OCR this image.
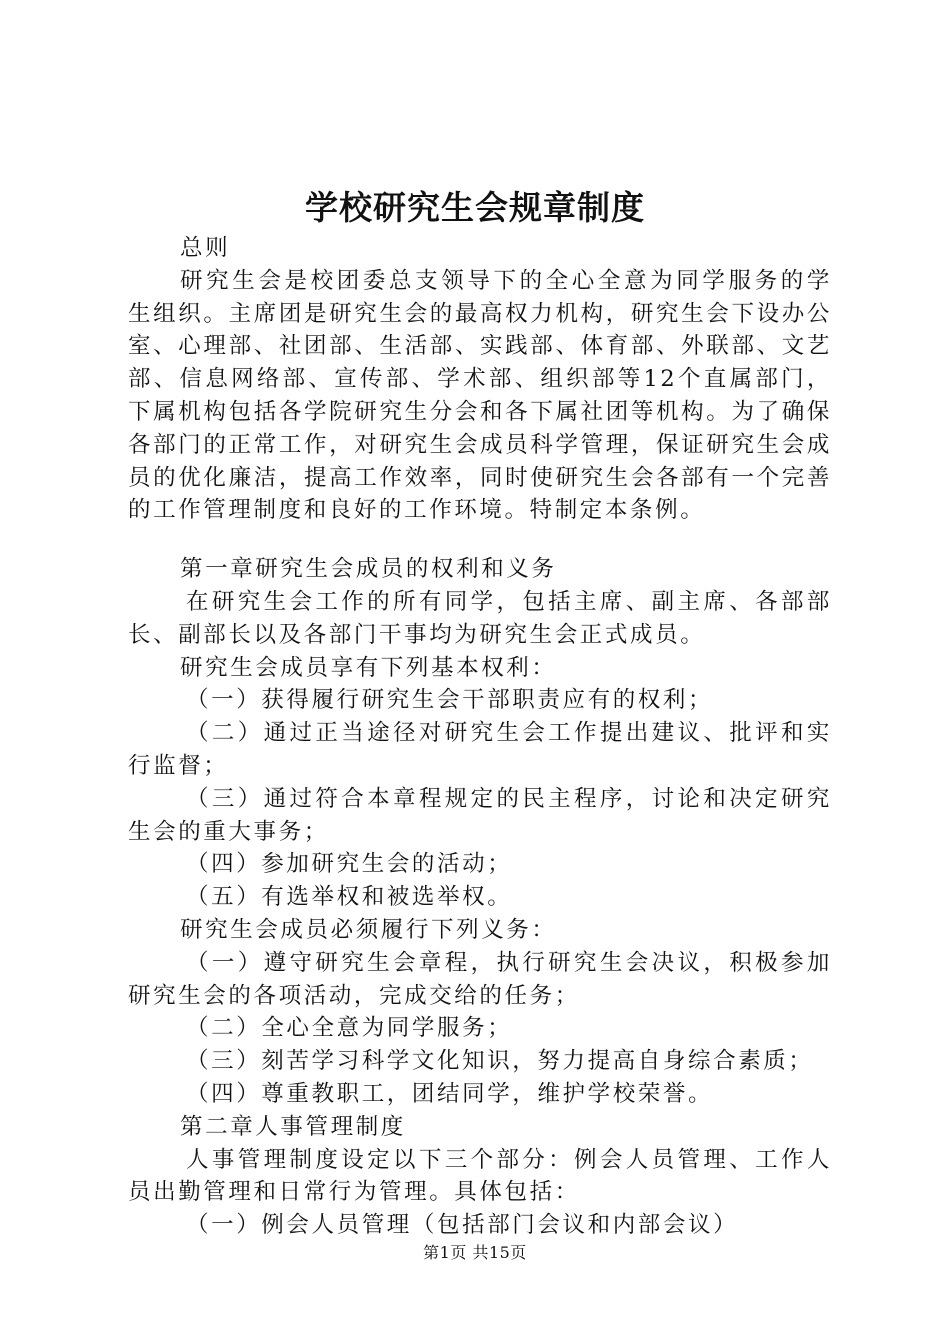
学校研究生会规章制度

总则

研究生会是校团委总支领导下的全心全意为同学服务的学生组织。主席团是研究生会的最高权力机构，研究生会下设办公室、心理部、社团部、生活部、实践部、体育部、外联部、文艺部、信息网络部、宣传部、学术部、组织部等12个直属部门，下属机构包括各学院研究生分会和各下属社团等机构。为了确保各部门的正常工作，对研究生会成员科学管理，保证研究生会成员的优化廉洁，提高工作效率，同时使研究生会各部有一个完善的工作管理制度和良好的工作环境。特制定本条例。

第一章研究生会成员的权利和义务

在研究生会工作的所有同学，包括主席、副主席、各部部长、副部长以及各部门干事均为研究生会正式成员。

研究生会成员享有下列基本权利：

（一）获得履行研究生会干部职责应有的权利；

（二）通过正当途径对研究生会工作提出建议、批评和实行监督；

（三）通过符合本章程规定的民主程序，讨论和决定研究生会的重大事务；

（四）参加研究生会的活动；

（五）有选举权和被选举权。

研究生会成员必须履行下列义务：

（一）遵守研究生会章程，执行研究生会决议，积极参加研究生会的各项活动，完成交给的任务；

（二）全心全意为同学服务；

（三）刻苦学习科学文化知识，努力提高自身综合素质；

（四）尊重教职工，团结同学，维护学校荣誉。

第二章人事管理制度

人事管理制度设定以下三个部分：例会人员管理、工作人员出勤管理和日常行为管理。具体包括：

（一）例会人员管理（包括部门会议和内部会议）

第1页 共15页
